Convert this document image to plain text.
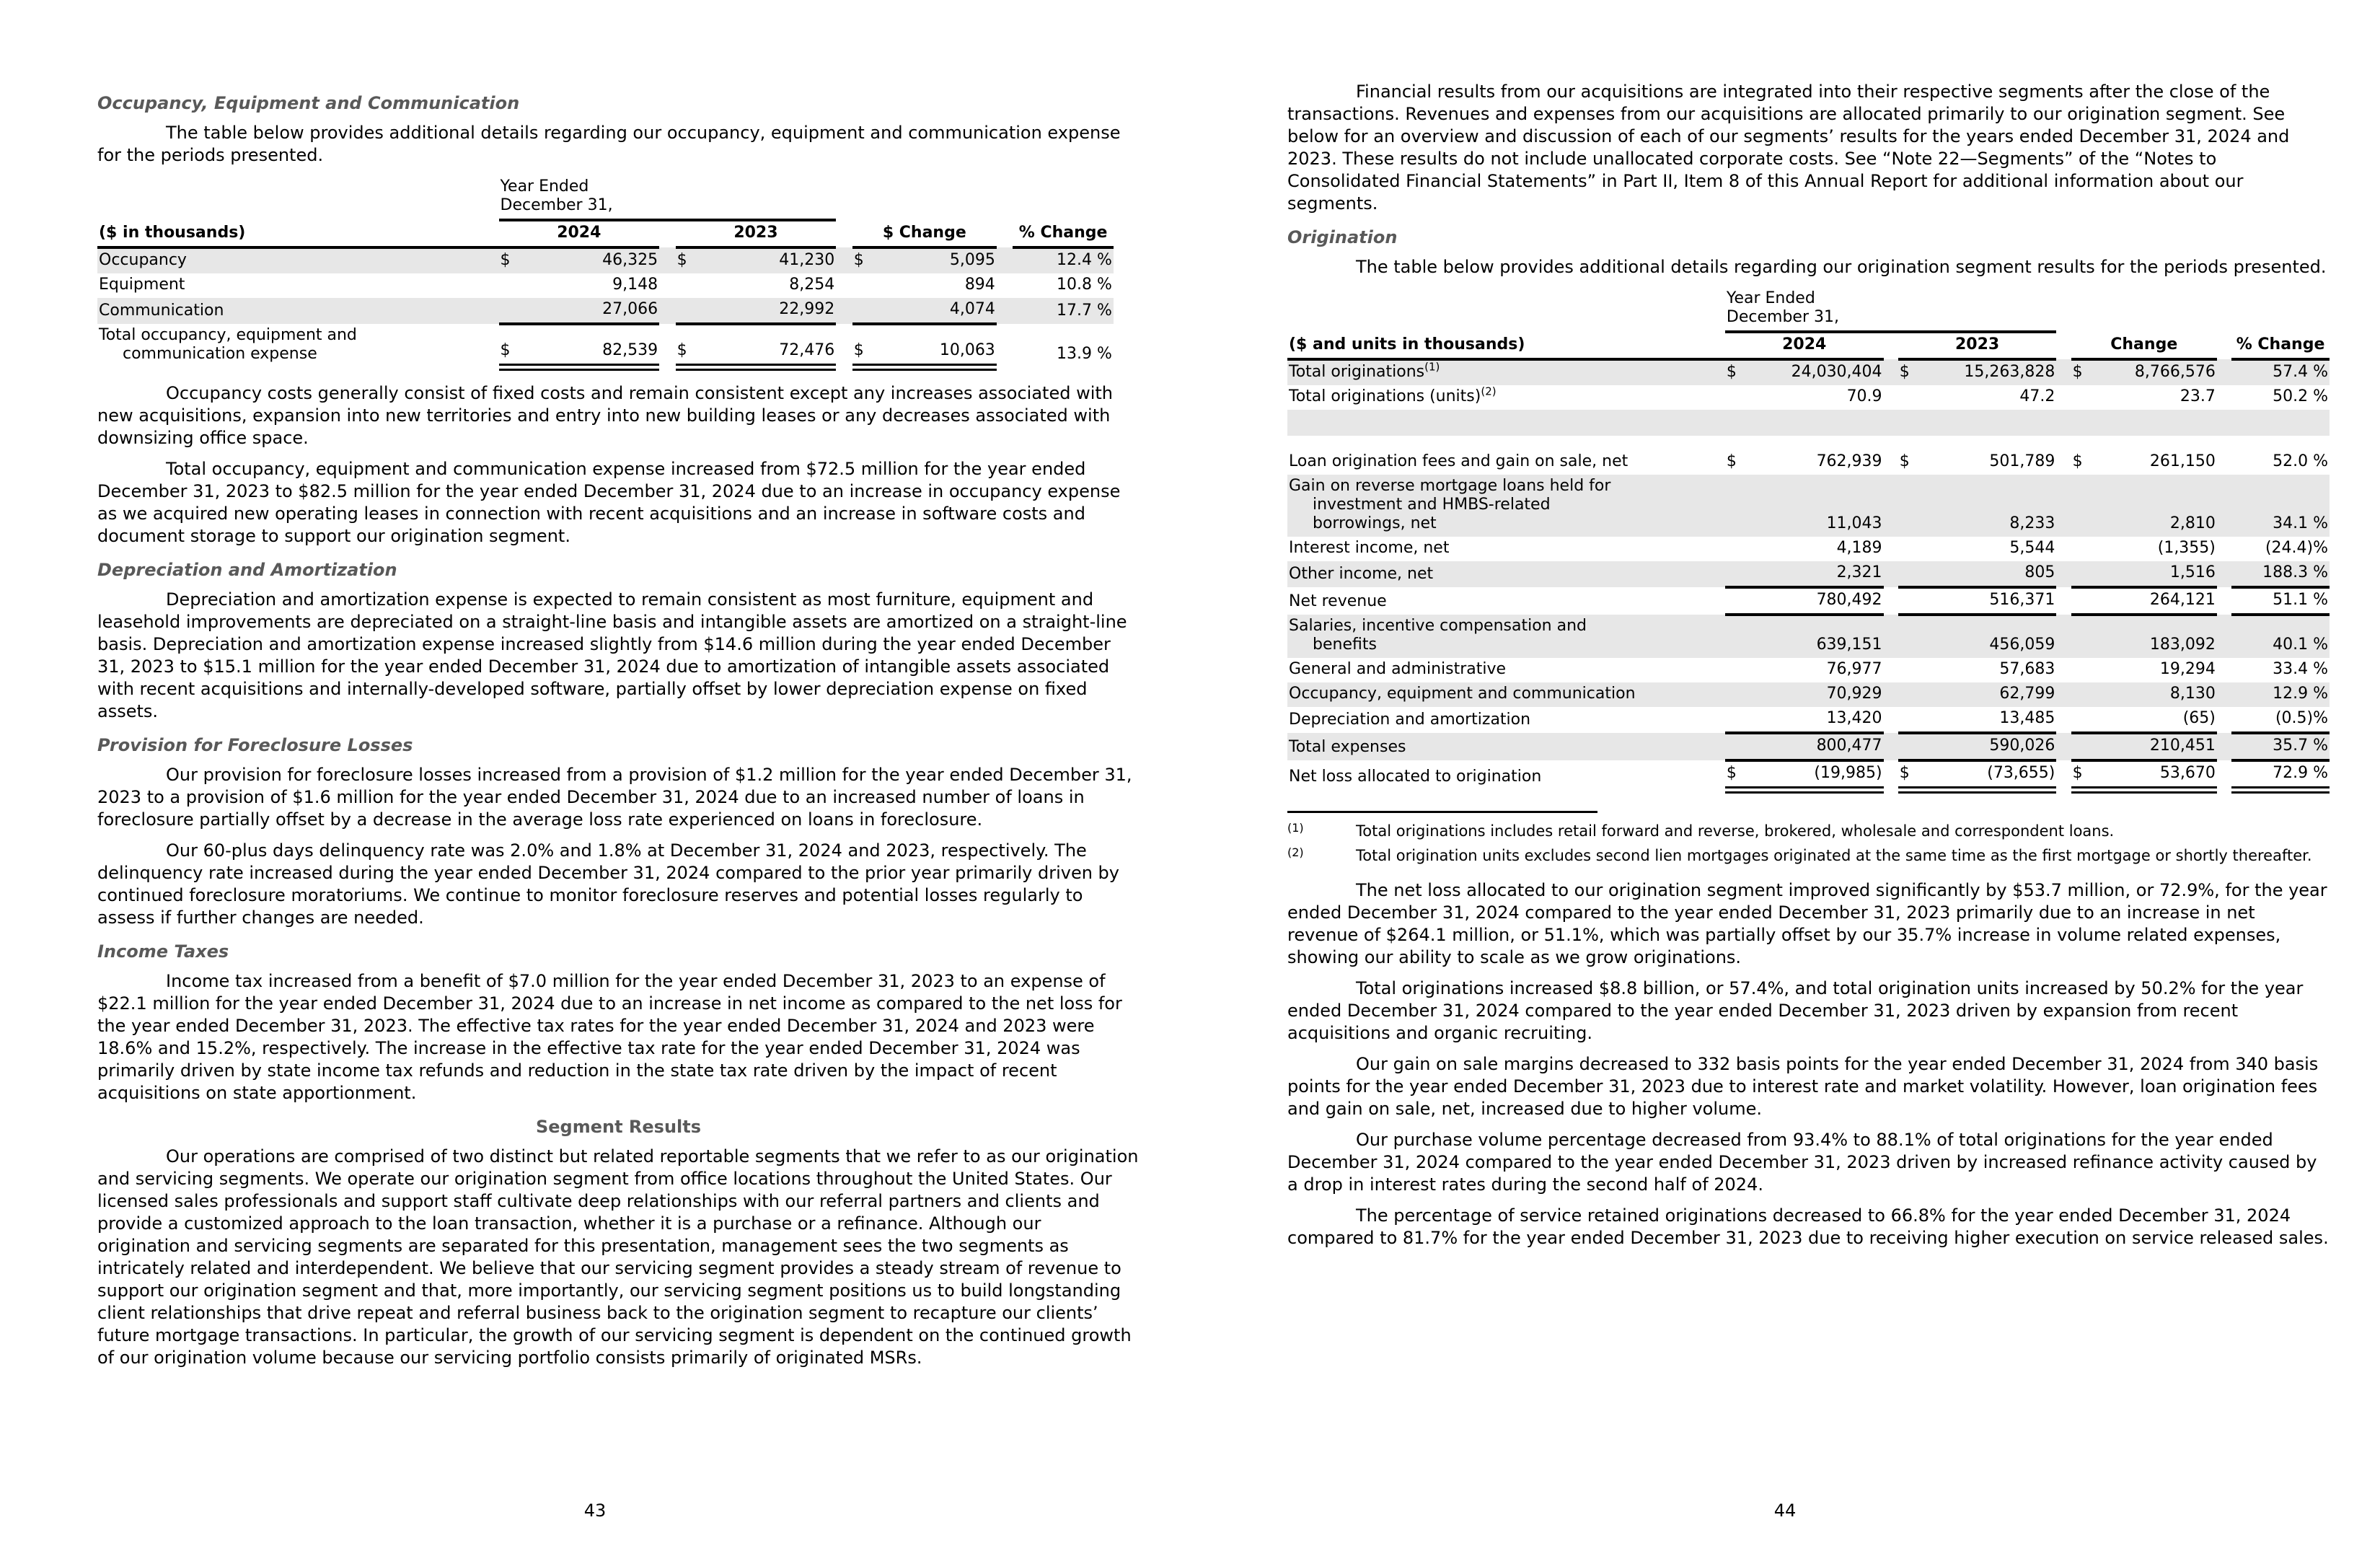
Occupancy, Equipment and Communication

The table below provides additional details regarding our occupancy, equipment and communication expense for the periods presented.

	Year Ended
December 31,									

($ in thousands)	2024			2023			$ Change			% Change

Occupancy	$	46,325		$	41,230		$	5,095		12.4 %

Equipment		9,148			8,254			894		10.8 %

Communication		27,066			22,992			4,074		17.7 %

Total occupancy, equipment and
communication expense	$	82,539		$	72,476		$	10,063		13.9 %

Occupancy costs generally consist of fixed costs and remain consistent except any increases associated with new acquisitions, expansion into new territories and entry into new building leases or any decreases associated with downsizing office space.

Total occupancy, equipment and communication expense increased from $72.5 million for the year ended December 31, 2023 to $82.5 million for the year ended December 31, 2024 due to an increase in occupancy expense as we acquired new operating leases in connection with recent acquisitions and an increase in software costs and document storage to support our origination segment.

Depreciation and Amortization

Depreciation and amortization expense is expected to remain consistent as most furniture, equipment and leasehold improvements are depreciated on a straight-line basis and intangible assets are amortized on a straight-line basis. Depreciation and amortization expense increased slightly from $14.6 million during the year ended December 31, 2023 to $15.1 million for the year ended December 31, 2024 due to amortization of intangible assets associated with recent acquisitions and internally-developed software, partially offset by lower depreciation expense on fixed assets.

Provision for Foreclosure Losses

Our provision for foreclosure losses increased from a provision of $1.2 million for the year ended December 31, 2023 to a provision of $1.6 million for the year ended December 31, 2024 due to an increased number of loans in foreclosure partially offset by a decrease in the average loss rate experienced on loans in foreclosure.

Our 60-plus days delinquency rate was 2.0% and 1.8% at December 31, 2024 and 2023, respectively. The delinquency rate increased during the year ended December 31, 2024 compared to the prior year primarily driven by continued foreclosure moratoriums. We continue to monitor foreclosure reserves and potential losses regularly to assess if further changes are needed.

Income Taxes

Income tax increased from a benefit of $7.0 million for the year ended December 31, 2023 to an expense of $22.1 million for the year ended December 31, 2024 due to an increase in net income as compared to the net loss for the year ended December 31, 2023. The effective tax rates for the year ended December 31, 2024 and 2023 were 18.6% and 15.2%, respectively. The increase in the effective tax rate for the year ended December 31, 2024 was primarily driven by state income tax refunds and reduction in the state tax rate driven by the impact of recent acquisitions on state apportionment.

Segment Results

Our operations are comprised of two distinct but related reportable segments that we refer to as our origination and servicing segments. We operate our origination segment from office locations throughout the United States. Our licensed sales professionals and support staff cultivate deep relationships with our referral partners and clients and provide a customized approach to the loan transaction, whether it is a purchase or a refinance. Although our origination and servicing segments are separated for this presentation, management sees the two segments as intricately related and interdependent. We believe that our servicing segment provides a steady stream of revenue to support our origination segment and that, more importantly, our servicing segment positions us to build longstanding client relationships that drive repeat and referral business back to the origination segment to recapture our clients’ future mortgage transactions. In particular, the growth of our servicing segment is dependent on the continued growth of our origination volume because our servicing portfolio consists primarily of originated MSRs.

43

Financial results from our acquisitions are integrated into their respective segments after the close of the transactions. Revenues and expenses from our acquisitions are allocated primarily to our origination segment. See below for an overview and discussion of each of our segments’ results for the years ended December 31, 2024 and 2023. These results do not include unallocated corporate costs. See “Note 22—Segments” of the “Notes to Consolidated Financial Statements” in Part II, Item 8 of this Annual Report for additional information about our segments.

Origination

The table below provides additional details regarding our origination segment results for the periods presented.

	Year Ended
December 31,									

($ and units in thousands)	2024			2023			Change			% Change

Total originations$^{(1)}$	$	24,030,404		$	15,263,828		$	8,766,576		57.4 %

Total originations (units)$^{(2)}$		70.9			47.2			23.7		50.2 %

Loan origination fees and gain on sale, net	$	762,939		$	501,789		$	261,150		52.0 %

Gain on reverse mortgage loans held for
investment and HMBS-related
borrowings, net		11,043			8,233			2,810		34.1 %

Interest income, net		4,189			5,544			(1,355)		(24.4)%

Other income, net		2,321			805			1,516		188.3 %

Net revenue		780,492			516,371			264,121		51.1 %

Salaries, incentive compensation and
benefits		639,151			456,059			183,092		40.1 %

General and administrative		76,977			57,683			19,294		33.4 %

Occupancy, equipment and communication		70,929			62,799			8,130		12.9 %

Depreciation and amortization		13,420			13,485			(65)		(0.5)%

Total expenses		800,477			590,026			210,451		35.7 %

Net loss allocated to origination	$	(19,985)		$	(73,655)		$	53,670		72.9 %
(1)	Total originations includes retail forward and reverse, brokered, wholesale and correspondent loans.
(2)	Total origination units excludes second lien mortgages originated at the same time as the first mortgage or shortly thereafter.

The net loss allocated to our origination segment improved significantly by $53.7 million, or 72.9%, for the year ended December 31, 2024 compared to the year ended December 31, 2023 primarily due to an increase in net revenue of $264.1 million, or 51.1%, which was partially offset by our 35.7% increase in volume related expenses, showing our ability to scale as we grow originations.

Total originations increased $8.8 billion, or 57.4%, and total origination units increased by 50.2% for the year ended December 31, 2024 compared to the year ended December 31, 2023 driven by expansion from recent acquisitions and organic recruiting.

Our gain on sale margins decreased to 332 basis points for the year ended December 31, 2024 from 340 basis points for the year ended December 31, 2023 due to interest rate and market volatility. However, loan origination fees and gain on sale, net, increased due to higher volume.

Our purchase volume percentage decreased from 93.4% to 88.1% of total originations for the year ended December 31, 2024 compared to the year ended December 31, 2023 driven by increased refinance activity caused by a drop in interest rates during the second half of 2024.

The percentage of service retained originations decreased to 66.8% for the year ended December 31, 2024 compared to 81.7% for the year ended December 31, 2023 due to receiving higher execution on service released sales.

44
